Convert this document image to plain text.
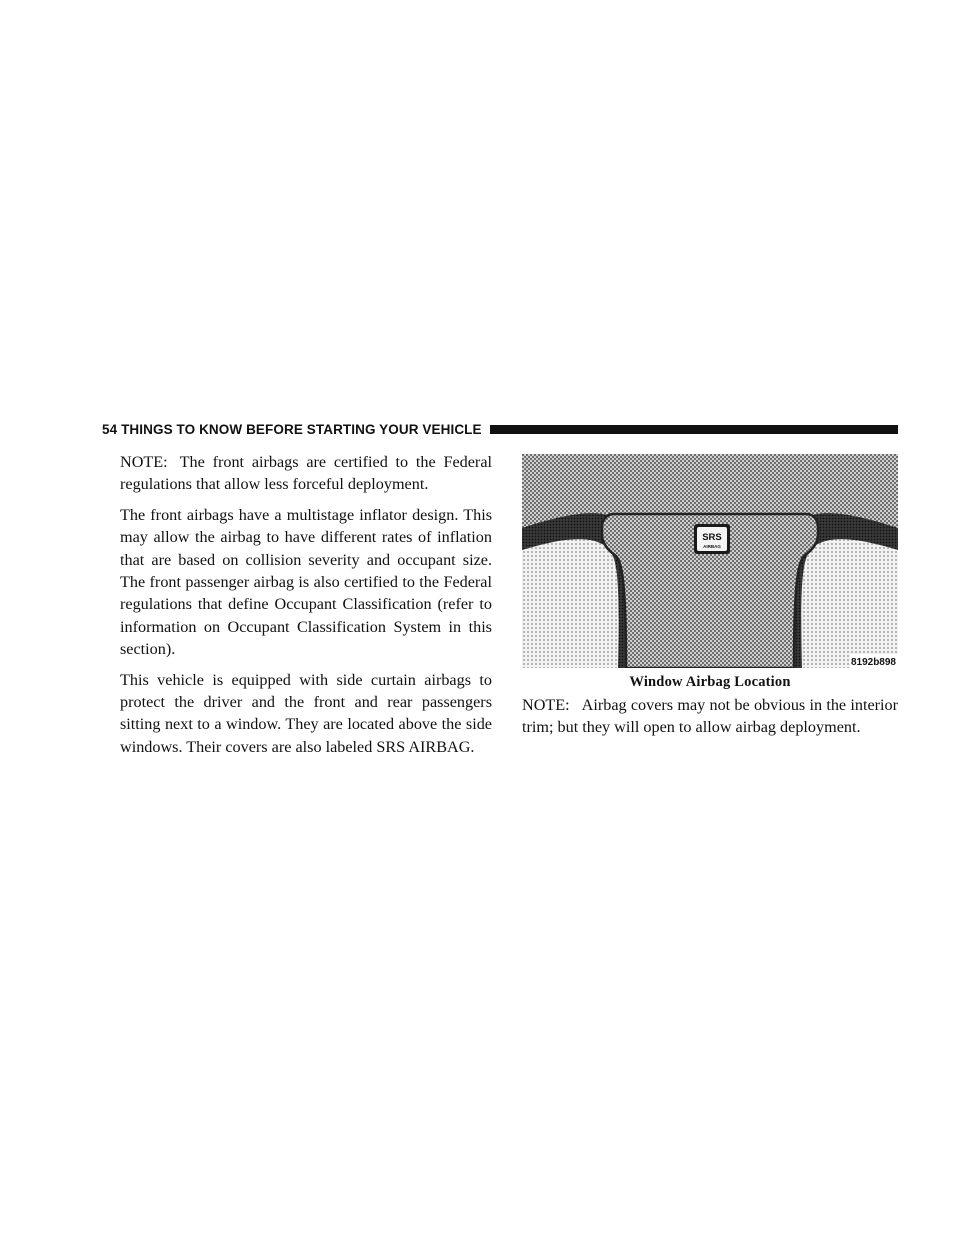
54 THINGS TO KNOW BEFORE STARTING YOUR VEHICLE

NOTE: The front airbags are certified to the Federal regulations that allow less forceful deployment.

The front airbags have a multistage inflator design. This may allow the airbag to have different rates of inflation that are based on collision severity and occupant size. The front passenger airbag is also certified to the Federal regulations that define Occupant Classification (refer to information on Occupant Classification System in this section).

This vehicle is equipped with side curtain airbags to protect the driver and the front and rear passengers sitting next to a window. They are located above the side windows. Their covers are also labeled SRS AIRBAG.

SRS
AIRBAG
8192b898
Window Airbag Location

NOTE: Airbag covers may not be obvious in the interior trim; but they will open to allow airbag deployment.
